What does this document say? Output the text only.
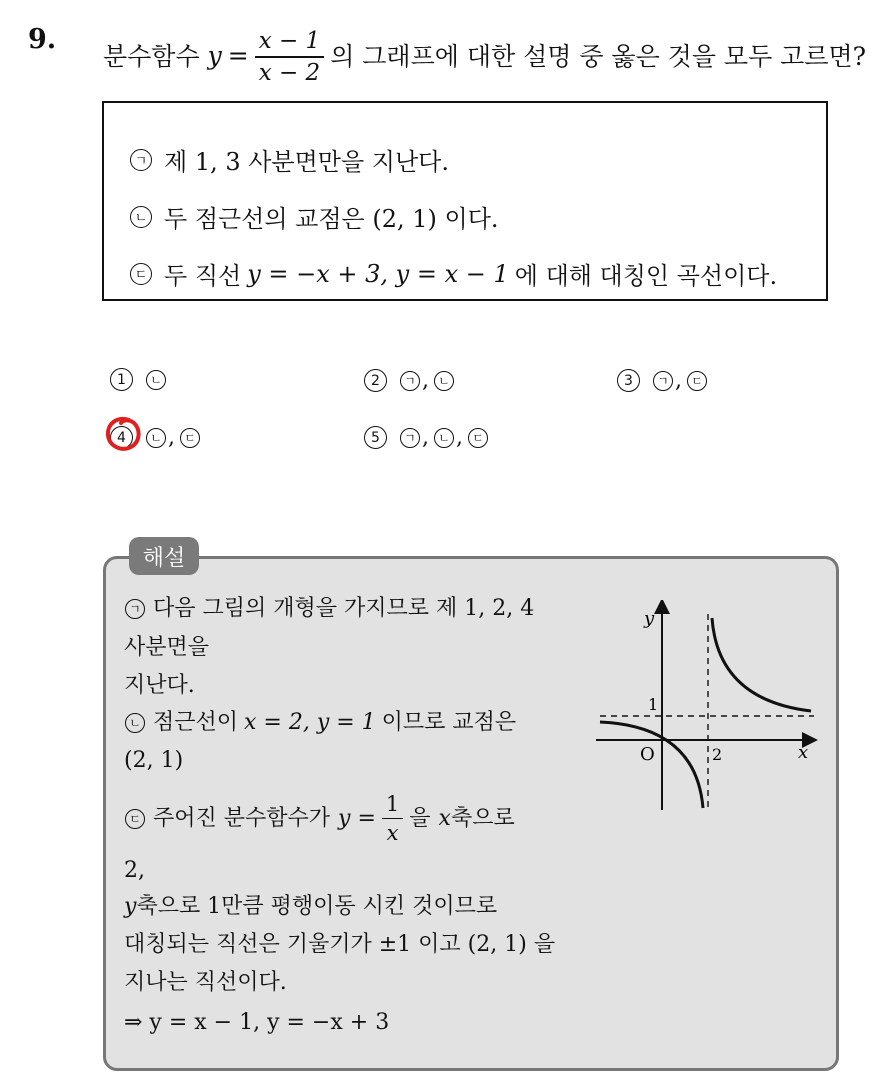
9.
분수함수 $y = \frac{x - 1}{x - 2}$ 의 그래프에 대한 설명 중 옳은 것을 모두 고르면?
ㄱ 제 1, 3 사분면만을 지난다.
ㄴ 두 점근선의 교점은 (2, 1) 이다.
ㄷ 두 직선 y = −x + 3, y = x − 1 에 대해 대칭인 곡선이다.
1	ㄴ	2	ㄱ , ㄴ	3	ㄱ , ㄷ
4	ㄴ , ㄷ	5	ㄱ , ㄴ , ㄷ
해설
ㄱ 다음 그림의 개형을 가지므로 제 1, 2, 4
사분면을
지난다.
ㄴ 점근선이 x = 2, y = 1 이므로 교점은
(2, 1)
ㄷ 주어진 분수함수가 $y = \frac{1}{x}$ 을 x 축으로
2,
y 축으로 1만큼 평행이동 시킨 것이므로
대칭되는 직선은 기울기가 ±1 이고 (2, 1) 을
지나는 직선이다.
⇒ y = x − 1, y = −x + 3
y
x
O	2
1
